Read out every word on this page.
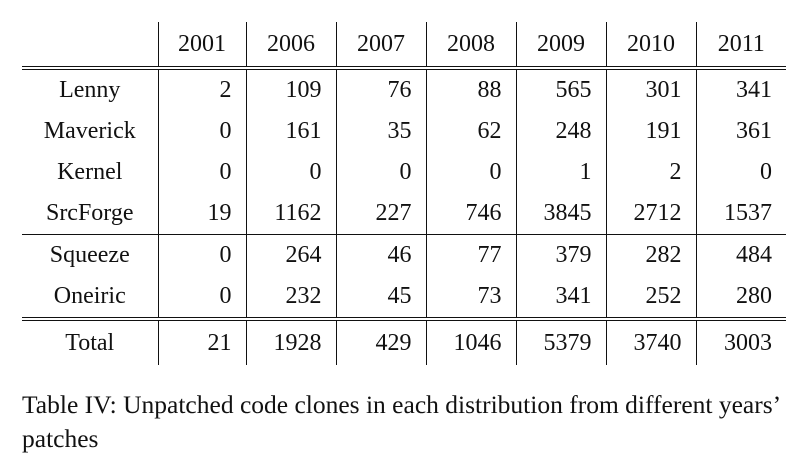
	2001	2006	2007	2008	2009	2010	2011
Lenny	2	109	76	88	565	301	341
Maverick	0	161	35	62	248	191	361
Kernel	0	0	0	0	1	2	0
SrcForge	19	1162	227	746	3845	2712	1537
Squeeze	0	264	46	77	379	282	484
Oneiric	0	232	45	73	341	252	280
Total	21	1928	429	1046	5379	3740	3003
Table IV: Unpatched code clones in each distribution from different years’ patches
